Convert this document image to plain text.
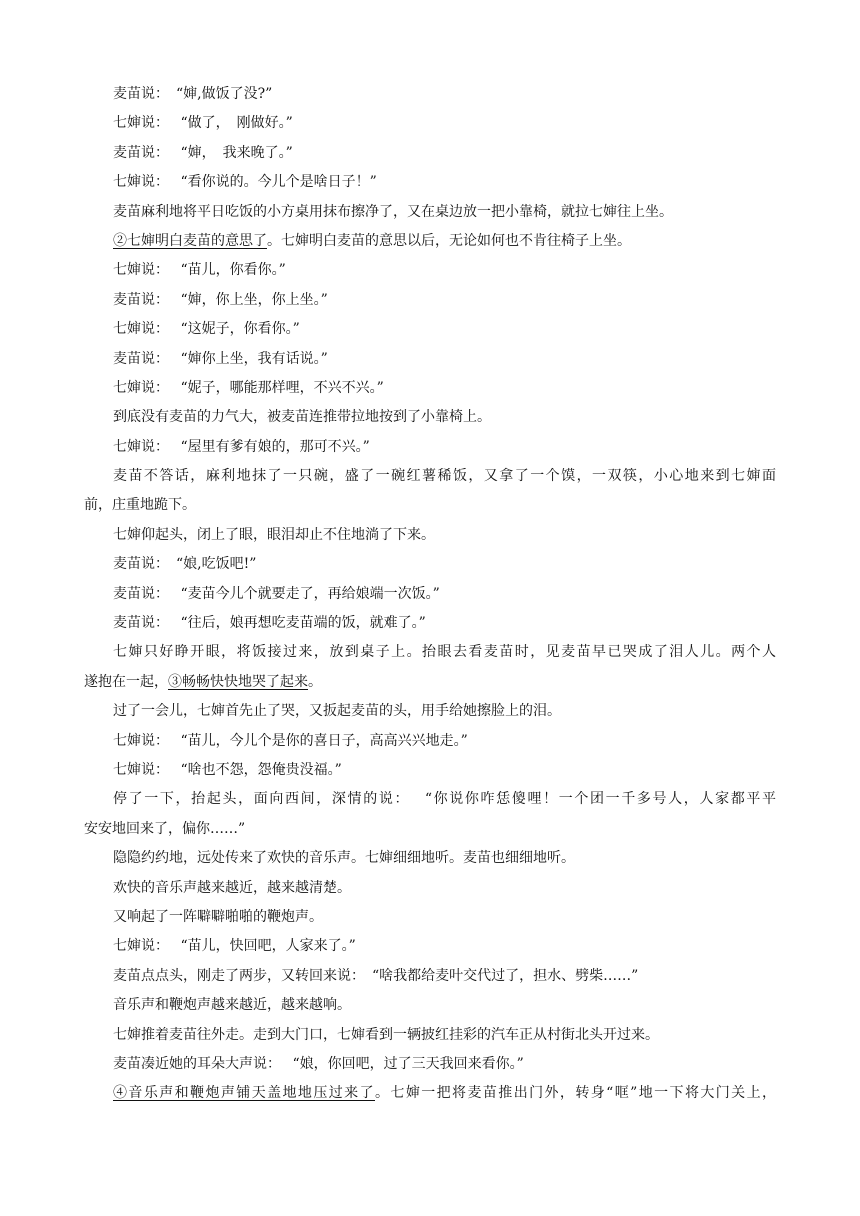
麦苗说：　“婶,做饭了没?”
七婶说：　 “做了，　刚做好。”
麦苗说：　 “婶，　我来晚了。”
七婶说：　 “看你说的。今儿个是啥日子！”
麦苗麻利地将平日吃饭的小方桌用抹布擦净了，又在桌边放一把小靠椅，就拉七婶往上坐。
②七婶明白麦苗的意思了。七婶明白麦苗的意思以后，无论如何也不肯往椅子上坐。
七婶说：　 “苗儿，你看你。”
麦苗说：　 “婶，你上坐，你上坐。”
七婶说：　 “这妮子，你看你。”
麦苗说：　 “婶你上坐，我有话说。”
七婶说：　 “妮子，哪能那样哩，不兴不兴。”
到底没有麦苗的力气大，被麦苗连推带拉地按到了小靠椅上。
七婶说：　 “屋里有爹有娘的，那可不兴。”
麦苗不答话，麻利地抹了一只碗，盛了一碗红薯稀饭，又拿了一个馍，一双筷，小心地来到七婶面
前，庄重地跪下。
七婶仰起头，闭上了眼，眼泪却止不住地淌了下来。
麦苗说：　“娘,吃饭吧!”
麦苗说：　 “麦苗今儿个就要走了，再给娘端一次饭。”
麦苗说：　 “往后，娘再想吃麦苗端的饭，就难了。”
七婶只好睁开眼，将饭接过来，放到桌子上。抬眼去看麦苗时，见麦苗早已哭成了泪人儿。两个人
遂抱在一起，③畅畅快快地哭了起来。
过了一会儿，七婶首先止了哭，又扳起麦苗的头，用手给她擦脸上的泪。
七婶说：　 “苗儿，今儿个是你的喜日子，高高兴兴地走。”
七婶说：　 “啥也不怨，怨俺贵没福。”
停了一下，抬起头，面向西间，深情的说：　 “你说你咋恁傻哩！一个团一千多号人，人家都平平
安安地回来了，偏你……”
隐隐约约地，远处传来了欢快的音乐声。七婶细细地听。麦苗也细细地听。
欢快的音乐声越来越近，越来越清楚。
又响起了一阵噼噼啪啪的鞭炮声。
七婶说：　 “苗儿，快回吧，人家来了。”
麦苗点点头，刚走了两步，又转回来说：　“啥我都给麦叶交代过了，担水、劈柴……”
音乐声和鞭炮声越来越近，越来越响。
七婶推着麦苗往外走。走到大门口，七婶看到一辆披红挂彩的汽车正从村街北头开过来。
麦苗凑近她的耳朵大声说：　 “娘，你回吧，过了三天我回来看你。”
④音乐声和鞭炮声铺天盖地地压过来了。七婶一把将麦苗推出门外，转身“哐”地一下将大门关上，
